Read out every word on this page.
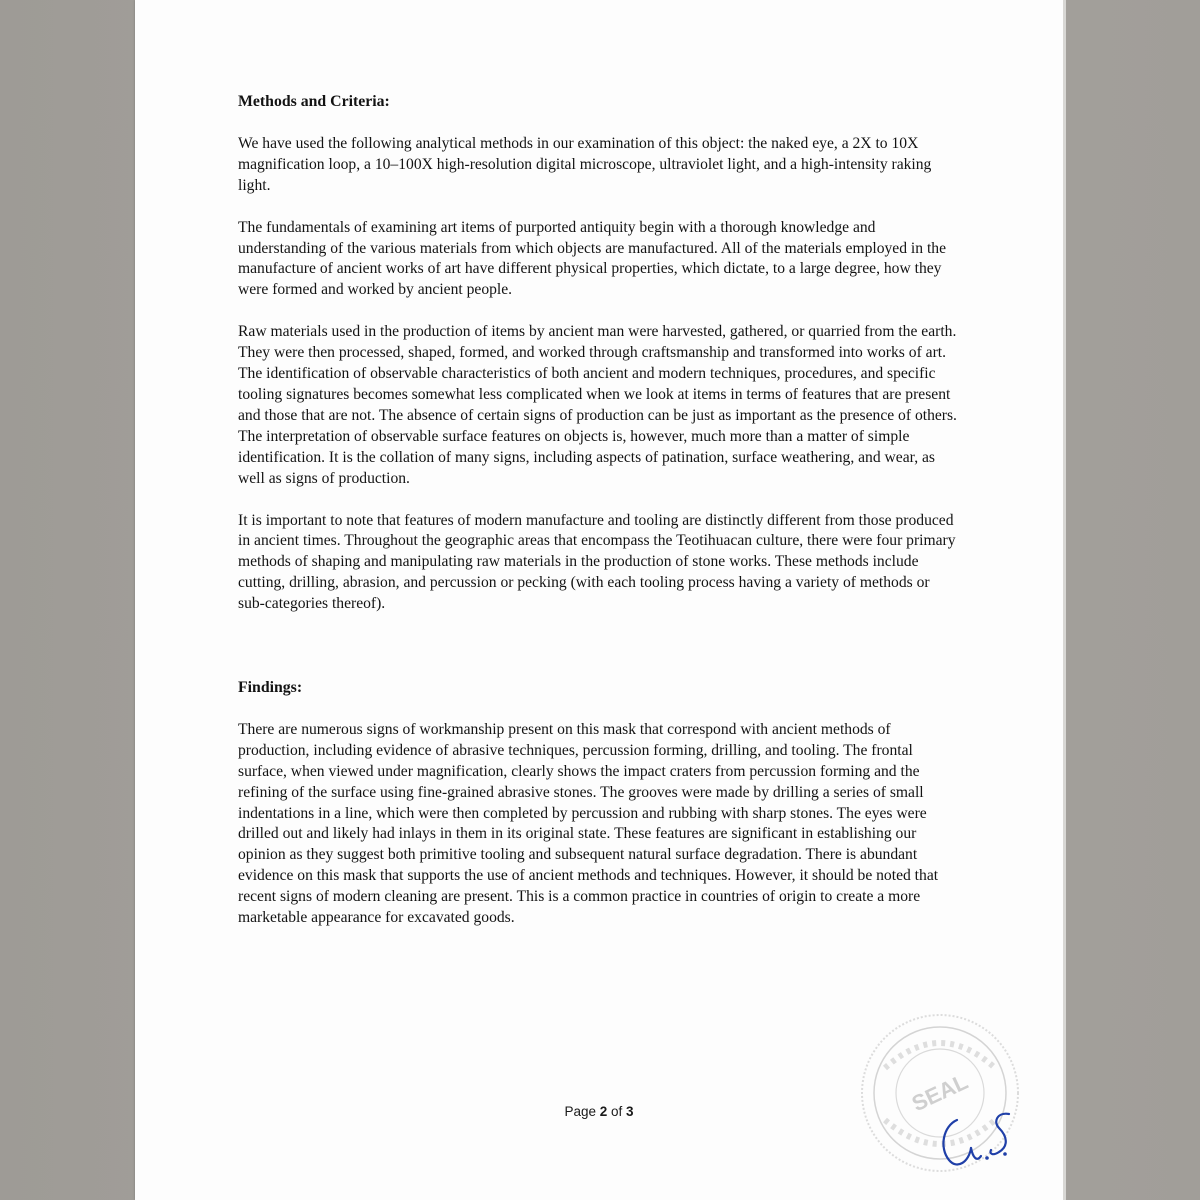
Methods and Criteria:

We have used the following analytical methods in our examination of this object: the naked eye, a 2X to 10X magnification loop, a 10–100X high-resolution digital microscope, ultraviolet light, and a high-intensity raking light.

The fundamentals of examining art items of purported antiquity begin with a thorough knowledge and understanding of the various materials from which objects are manufactured. All of the materials employed in the manufacture of ancient works of art have different physical properties, which dictate, to a large degree, how they were formed and worked by ancient people.

Raw materials used in the production of items by ancient man were harvested, gathered, or quarried from the earth. They were then processed, shaped, formed, and worked through craftsmanship and transformed into works of art. The identification of observable characteristics of both ancient and modern techniques, procedures, and specific tooling signatures becomes somewhat less complicated when we look at items in terms of features that are present and those that are not. The absence of certain signs of production can be just as important as the presence of others. The interpretation of observable surface features on objects is, however, much more than a matter of simple identification. It is the collation of many signs, including aspects of patination, surface weathering, and wear, as well as signs of production.

It is important to note that features of modern manufacture and tooling are distinctly different from those produced in ancient times. Throughout the geographic areas that encompass the Teotihuacan culture, there were four primary methods of shaping and manipulating raw materials in the production of stone works. These methods include cutting, drilling, abrasion, and percussion or pecking (with each tooling process having a variety of methods or sub-categories thereof).

Findings:

There are numerous signs of workmanship present on this mask that correspond with ancient methods of production, including evidence of abrasive techniques, percussion forming, drilling, and tooling. The frontal surface, when viewed under magnification, clearly shows the impact craters from percussion forming and the refining of the surface using fine-grained abrasive stones. The grooves were made by drilling a series of small indentations in a line, which were then completed by percussion and rubbing with sharp stones. The eyes were drilled out and likely had inlays in them in its original state. These features are significant in establishing our opinion as they suggest both primitive tooling and subsequent natural surface degradation. There is abundant evidence on this mask that supports the use of ancient methods and techniques. However, it should be noted that recent signs of modern cleaning are present. This is a common practice in countries of origin to create a more marketable appearance for excavated goods.

Page 2 of 3	SEAL
